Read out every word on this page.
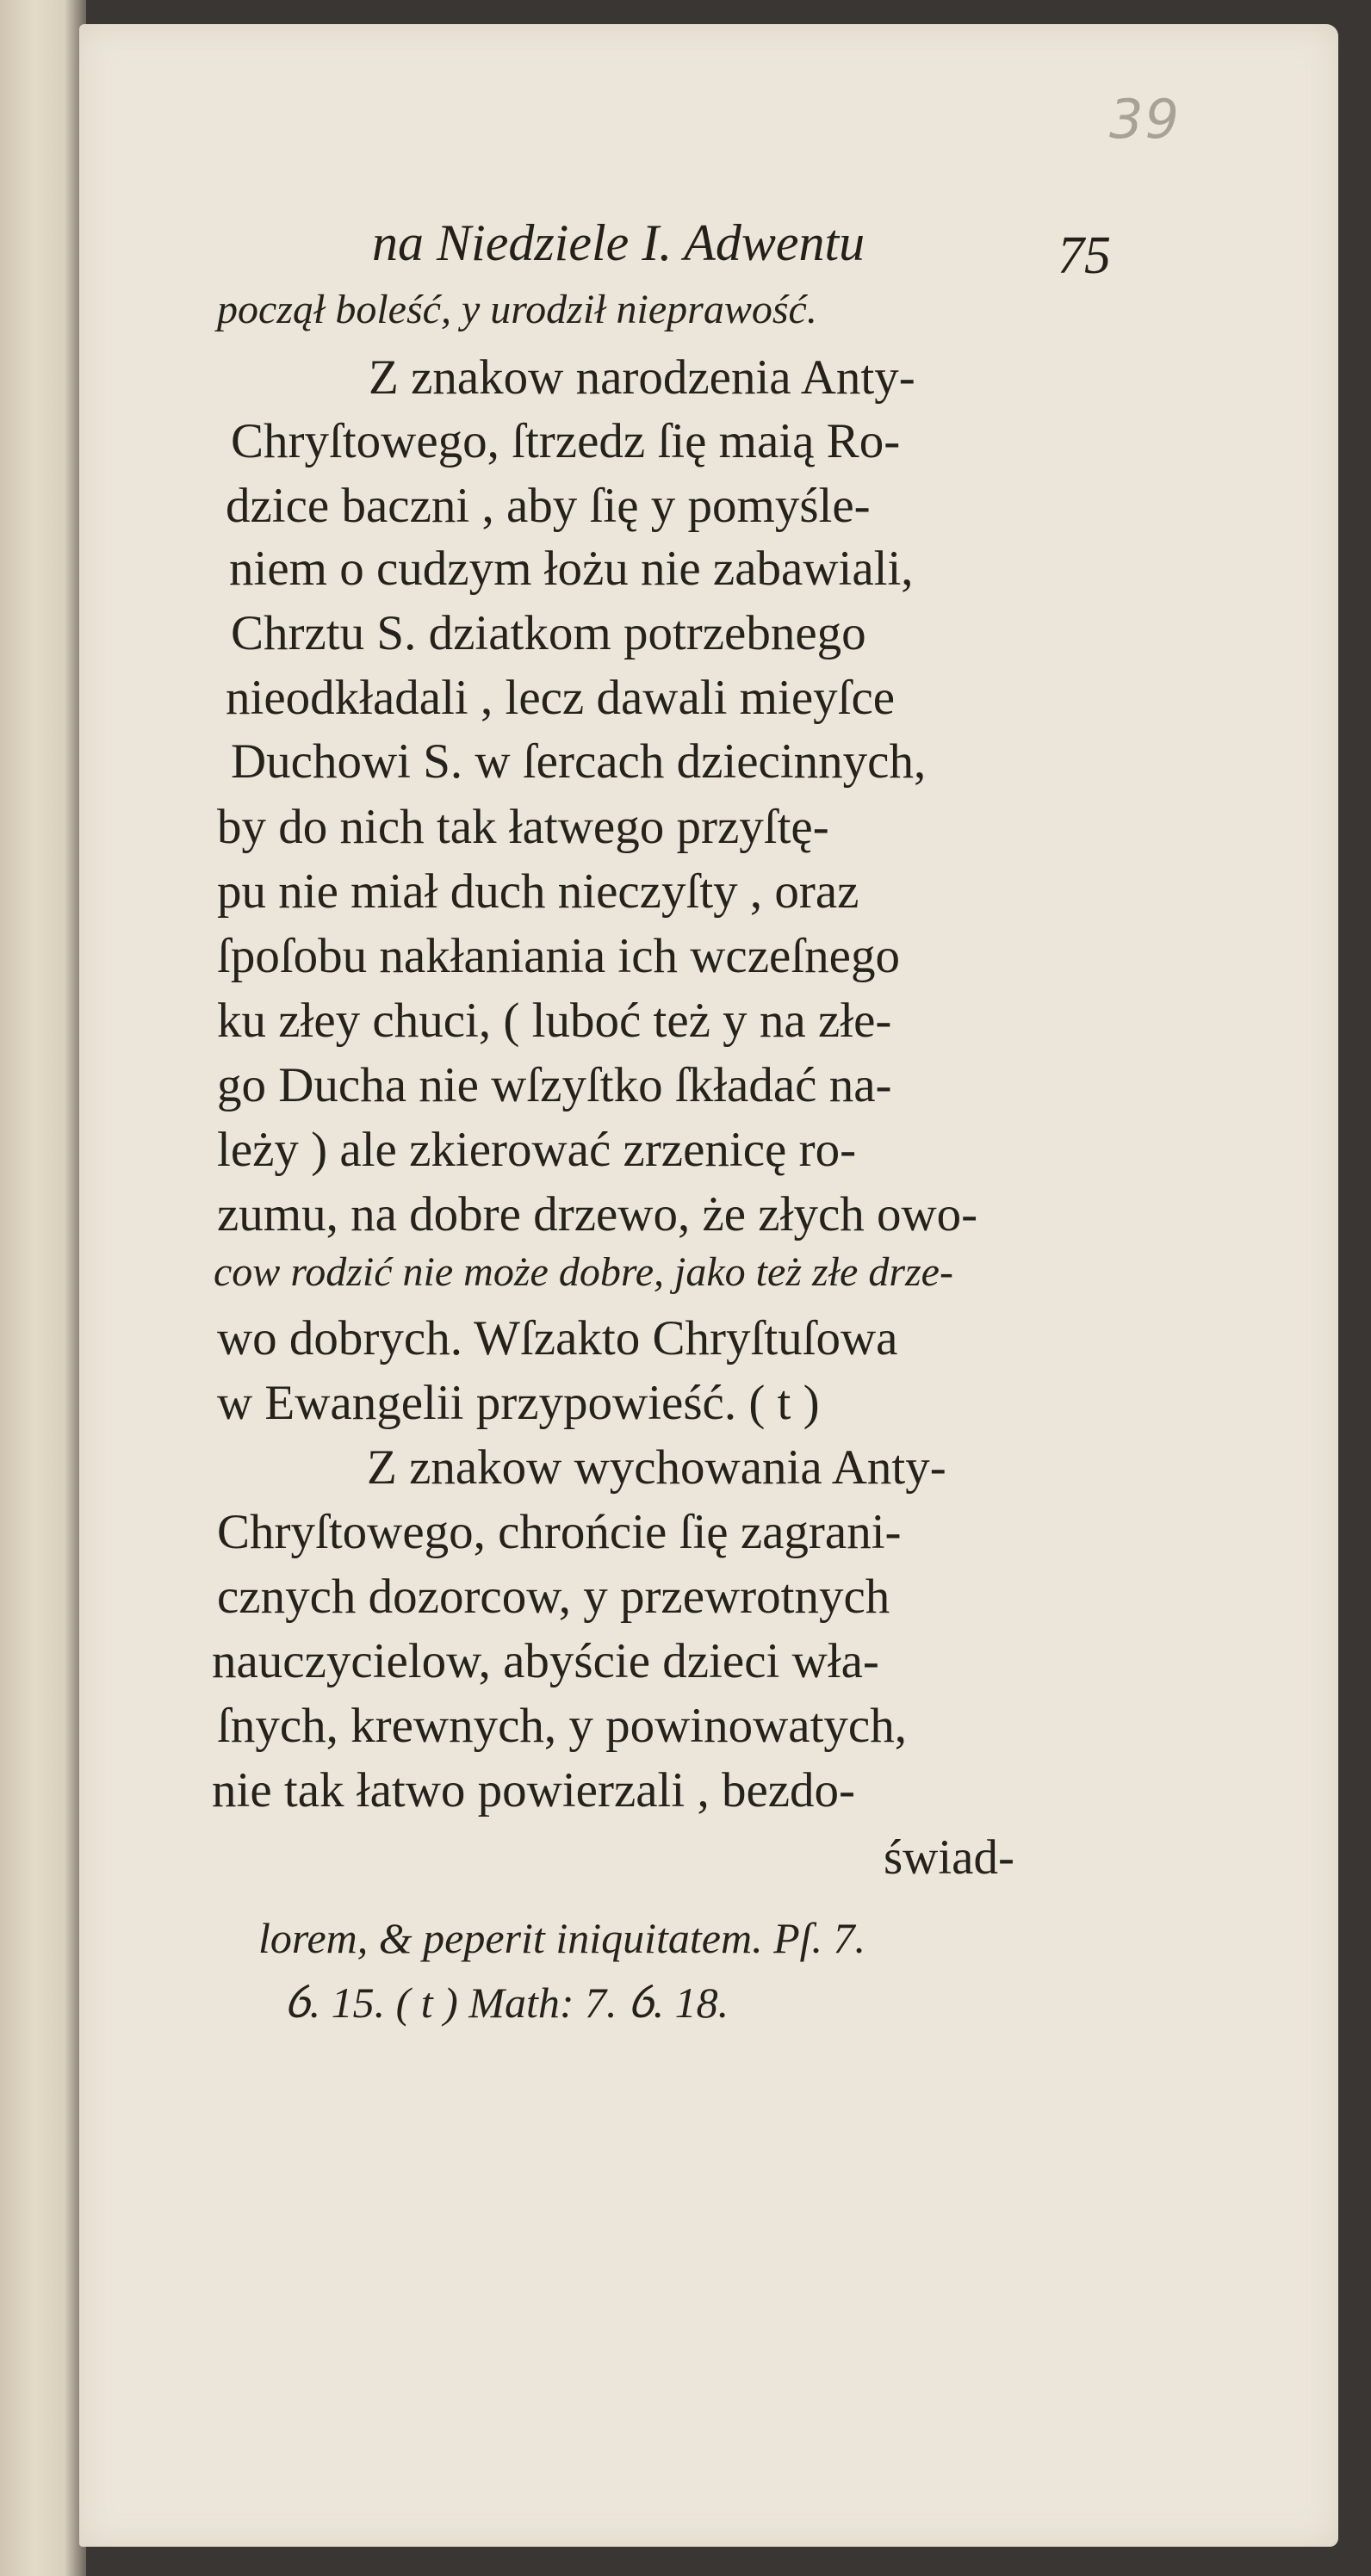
39
na Niedziele I. Adwentu	75
począł boleść, y urodził nieprawość.
Z znakow narodzenia Anty-
Chryſtowego, ſtrzedz ſię maią Ro-
dzice baczni , aby ſię y pomyśle-
niem o cudzym łożu nie zabawiali,
Chrztu S. dziatkom potrzebnego
nieodkładali , lecz dawali mieyſce
Duchowi S. w ſercach dziecinnych,
by do nich tak łatwego przyſtę-
pu nie miał duch nieczyſty , oraz
ſpoſobu nakłaniania ich wczeſnego
ku złey chuci, ( luboć też y na złe-
go Ducha nie wſzyſtko ſkładać na-
leży ) ale zkierować zrzenicę ro-
zumu, na dobre drzewo, że złych owo-
cow rodzić nie może dobre, jako też złe drze-
wo dobrych. Wſzakto Chryſtuſowa
w Ewangelii przypowieść. ( t )
Z znakow wychowania Anty-
Chryſtowego, chrońcie ſię zagrani-
cznych dozorcow, y przewrotnych
nauczycielow, abyście dzieci wła-
ſnych, krewnych, y powinowatych,
nie tak łatwo powierzali , bezdo-
świad-
lorem, & peperit iniquitatem. Pſ. 7.
ỽ. 15. ( t ) Math: 7. ỽ. 18.
